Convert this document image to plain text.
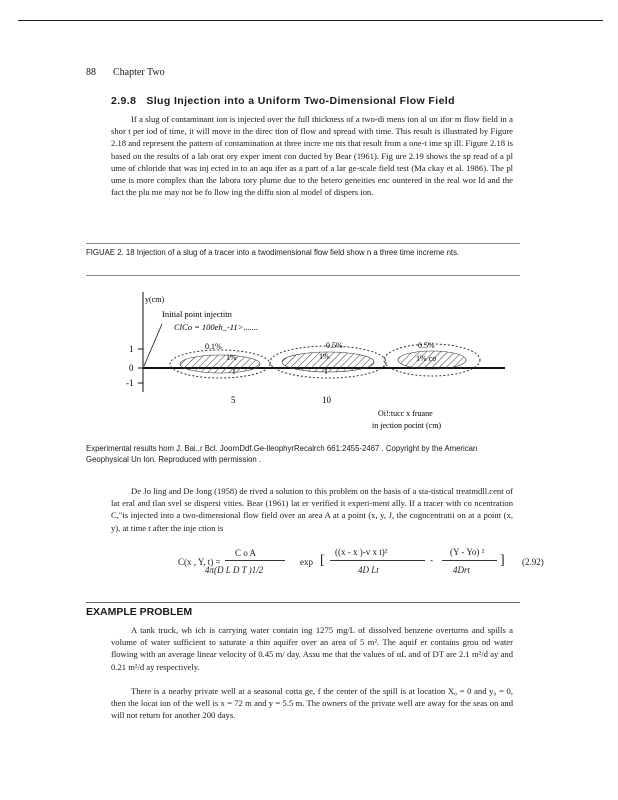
88 Chapter Two
2.9.8 Slug Injection into a Uniform Two-Dimensional Flow Field
If a slug of contaminant ion is injected over the full thickness of a two-di mens ion al un ifor m flow field in a shor t per iod of time, it will move in the direc tion of flow and spread with time. This result is illustrated by Figure 2.18 and represent the pattern of contamination at three incre me nts that result from a one-t ime sp ill. Figure 2.18 is based on the results of a lab orat ory exper iment con ducted by Bear (1961). Fig ure 2.19 shows the sp read of a pl ume of chloride that was inj ected in to an aqu ifer as a part of a lar ge-scale field test (Ma ckay et al. 1986). The pl ume is more complex than the labora tory plume due to the hetero geneities enc ountered in the real wor ld and the fact the plu me may not be fo llow ing the diffu sion al model of dispers ion.
FIGUAE 2. 18 Injection of a slug of a tracer into a twodimensional flow field show n a three time increme nts.
y(cm)
1
0
-1
5	10
Initial point injectitn
ClCo = 100eh_-11>.......
0.1%
1%
0.5%
1%
0.5%
1% co
Oi!:tucc x fruane
in jection pocint (cm)
Experimental results hom J. Bai..r Bcl. JoornDdf.Ge-lleophyrRecalrch 661:2455-2467 . Copyright by the American Geophysical Un Ion. Reproduced with permission .
De Jo ling and De Jong (1958) de rived a solution to this problem on the basis of a sta-tistical treatmdll.cent of lat eral and tlan svel se dispersi vities. Bear (1961) lat er verified it experi-ment ally. If a tracer with co ncentration C,"is injected into a two-dimensional flow field over an area A at a point (x, y, J, the cogncentratii on at a point (x, y), at time t after the inje ction is
C(x , Y, t) =
C o A
4π(D L D T )1/2
exp [
((x - x )-v x t)²
4D Lt
-
(Y - Yo) ²
4Drt
] (2.92)
EXAMPLE PROBLEM
A tank truck, wh ich is carrying water contain ing 1275 mg/L of dissolved benzene overturns and spills a volume of water sufficient to saturate a thin aquifer over an area of 5 m². The aquif er contains grou nd water flowing with an average linear velocity of 0.45 m/ day. Assu me that the values of αL and of DT are 2.1 m²/d ay and 0.21 m²/d ay respectively.
There is a nearby private well at a seasonal cotta ge, f the center of the spill is at location X₀ = 0 and y₀ = 0, then the locat ion of the well is x = 72 m and y = 5.5 m. The owners of the private well are away for the seas on and will not return for another 200 days.
